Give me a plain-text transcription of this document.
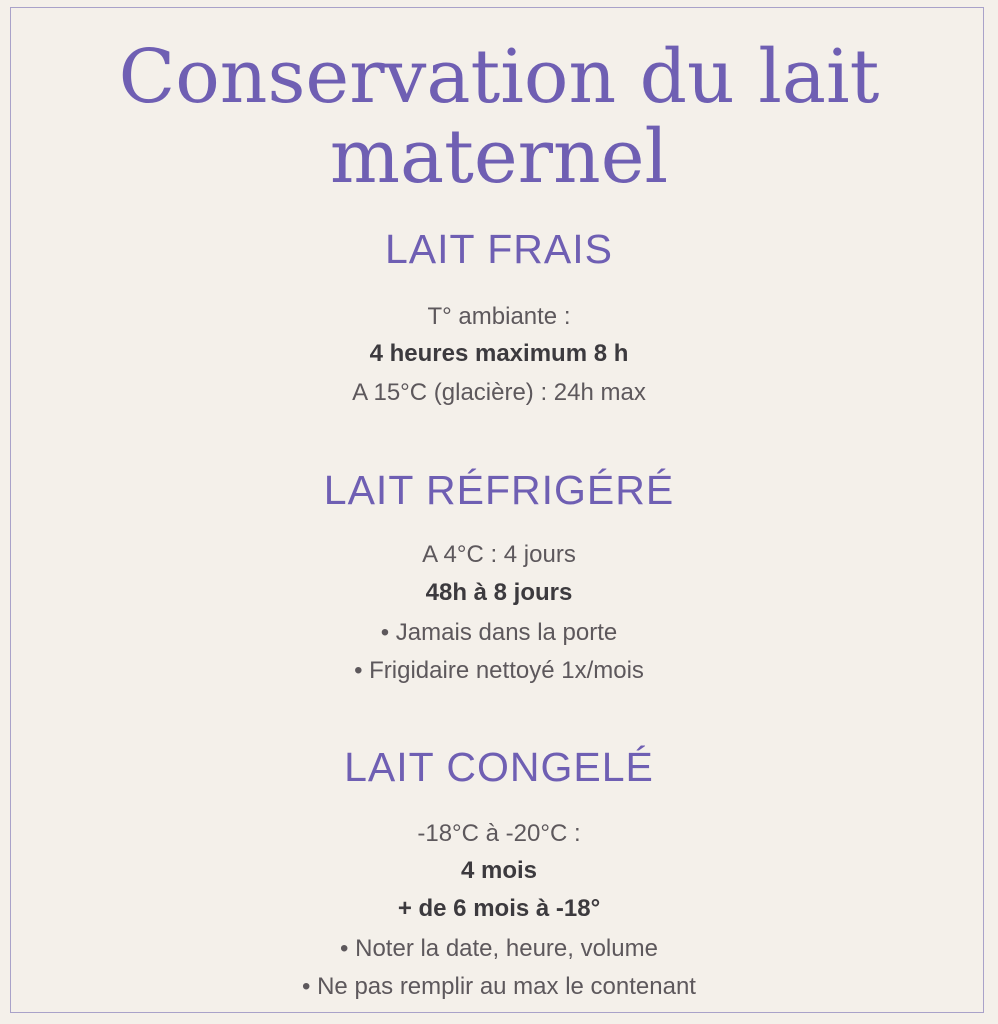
Conservation du lait
maternel
LAIT FRAIS
T° ambiante :
4 heures maximum 8 h
A 15°C (glacière) : 24h max
LAIT RÉFRIGÉRÉ
A 4°C : 4 jours
48h à 8 jours
• Jamais dans la porte
• Frigidaire nettoyé 1x/mois
LAIT CONGELÉ
-18°C à -20°C :
4 mois
+ de 6 mois à -18°
• Noter la date, heure, volume
• Ne pas remplir au max le contenant
